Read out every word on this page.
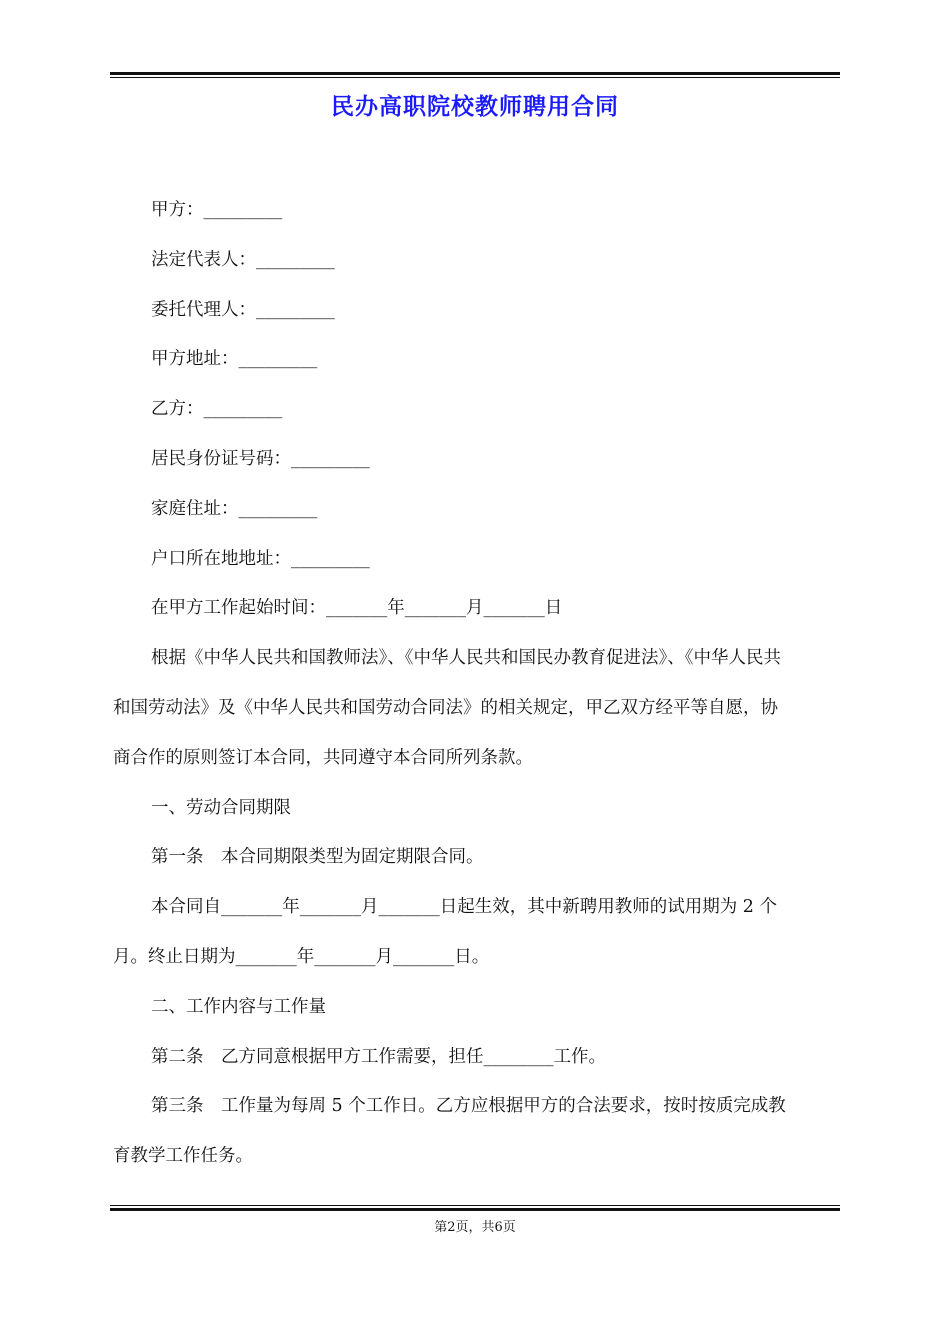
民办高职院校教师聘用合同
甲方：_________
法定代表人：_________
委托代理人：_________
甲方地址：_________
乙方：_________
居民身份证号码：_________
家庭住址：_________
户口所在地地址：_________
在甲方工作起始时间：_______年_______月_______日
根据《中华人民共和国教师法》、《中华人民共和国民办教育促进法》、《中华人民共
和国劳动法》及《中华人民共和国劳动合同法》的相关规定，甲乙双方经平等自愿，协
商合作的原则签订本合同，共同遵守本合同所列条款。
一、劳动合同期限
第一条　本合同期限类型为固定期限合同。
本合同自_______年_______月_______日起生效，其中新聘用教师的试用期为 2 个
月。终止日期为_______年_______月_______日。
二、工作内容与工作量
第二条　乙方同意根据甲方工作需要，担任________工作。
第三条　工作量为每周 5 个工作日。乙方应根据甲方的合法要求，按时按质完成教
育教学工作任务。
第2页，共6页
